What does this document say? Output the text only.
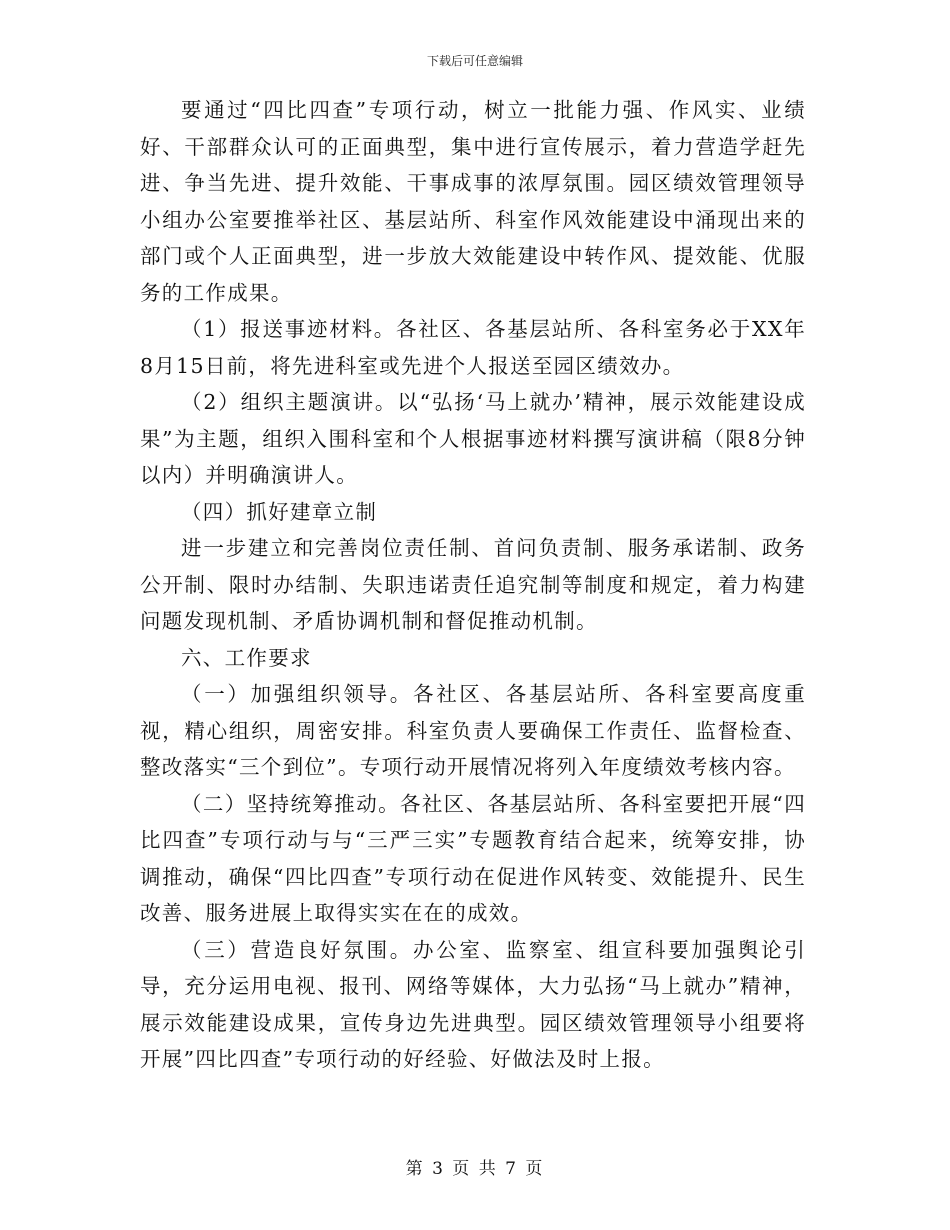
下载后可任意编辑

要通过“四比四查”专项行动，树立一批能力强、作风实、业绩好、干部群众认可的正面典型，集中进行宣传展示，着力营造学赶先进、争当先进、提升效能、干事成事的浓厚氛围。园区绩效管理领导小组办公室要推举社区、基层站所、科室作风效能建设中涌现出来的部门或个人正面典型，进一步放大效能建设中转作风、提效能、优服务的工作成果。

（1）报送事迹材料。各社区、各基层站所、各科室务必于XX年8月15日前，将先进科室或先进个人报送至园区绩效办。

（2）组织主题演讲。以“弘扬‘马上就办’精神，展示效能建设成果”为主题，组织入围科室和个人根据事迹材料撰写演讲稿（限8分钟以内）并明确演讲人。

（四）抓好建章立制

进一步建立和完善岗位责任制、首问负责制、服务承诺制、政务公开制、限时办结制、失职违诺责任追究制等制度和规定，着力构建问题发现机制、矛盾协调机制和督促推动机制。

六、工作要求

（一）加强组织领导。各社区、各基层站所、各科室要高度重视，精心组织，周密安排。科室负责人要确保工作责任、监督检查、整改落实“三个到位”。专项行动开展情况将列入年度绩效考核内容。

（二）坚持统筹推动。各社区、各基层站所、各科室要把开展“四比四查”专项行动与与“三严三实”专题教育结合起来，统筹安排，协调推动，确保“四比四查”专项行动在促进作风转变、效能提升、民生改善、服务进展上取得实实在在的成效。

（三）营造良好氛围。办公室、监察室、组宣科要加强舆论引导，充分运用电视、报刊、网络等媒体，大力弘扬“马上就办”精神，展示效能建设成果，宣传身边先进典型。园区绩效管理领导小组要将开展”四比四查”专项行动的好经验、好做法及时上报。

第 3 页 共 7 页
